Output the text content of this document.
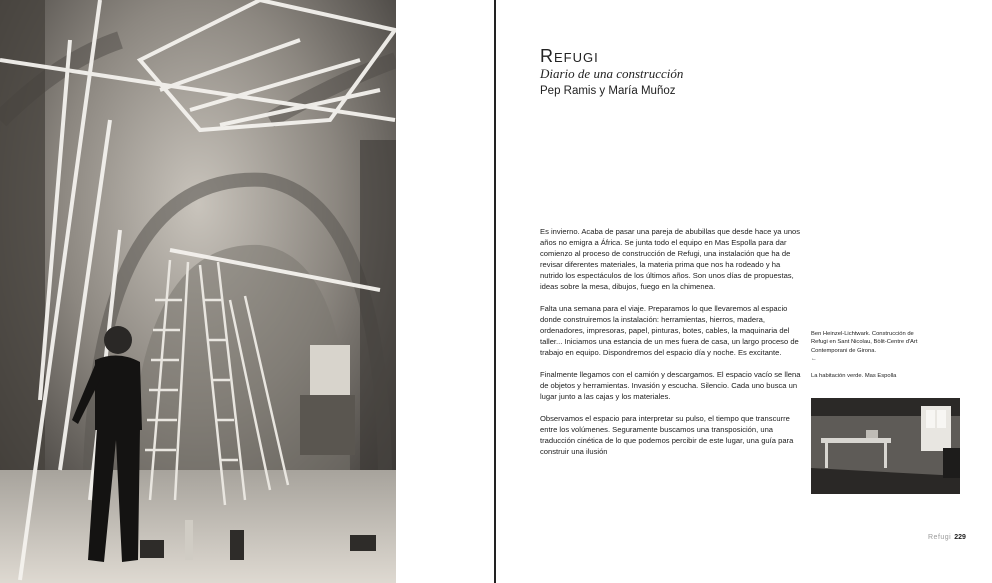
Refugi
Diario de una construcción
Pep Ramis y María Muñoz

Es invierno. Acaba de pasar una pareja de abubillas que desde hace ya unos años no emigra a África. Se junta todo el equipo en Mas Espolla para dar comienzo al proceso de construcción de Refugi, una instalación que ha de revisar diferentes materiales, la materia prima que nos ha rodeado y ha nutrido los espectáculos de los últimos años. Son unos días de propuestas, ideas sobre la mesa, dibujos, fuego en la chimenea.

Falta una semana para el viaje. Preparamos lo que llevaremos al espacio donde construiremos la instalación: herramientas, hierros, madera, ordenadores, impresoras, papel, pinturas, botes, cables, la maquinaria del taller... Iniciamos una estancia de un mes fuera de casa, un largo proceso de trabajo en equipo. Dispondremos del espacio día y noche. Es excitante.

Finalmente llegamos con el camión y descargamos. El espacio vacío se llena de objetos y herramientas. Invasión y escucha. Silencio. Cada uno busca un lugar junto a las cajas y los materiales.

Observamos el espacio para interpretar su pulso, el tiempo que transcurre entre los volúmenes. Seguramente buscamos una transposición, una traducción cinética de lo que podemos percibir de este lugar, una guía para construir una ilusión

Ben Heinzel-Lichtwark. Construcción de

Refugi en Sant Nicolau, Bòlit-Centre d'Art

Contemporani de Girona.

←

La habitación verde. Mas Espolla

Refugi 229
